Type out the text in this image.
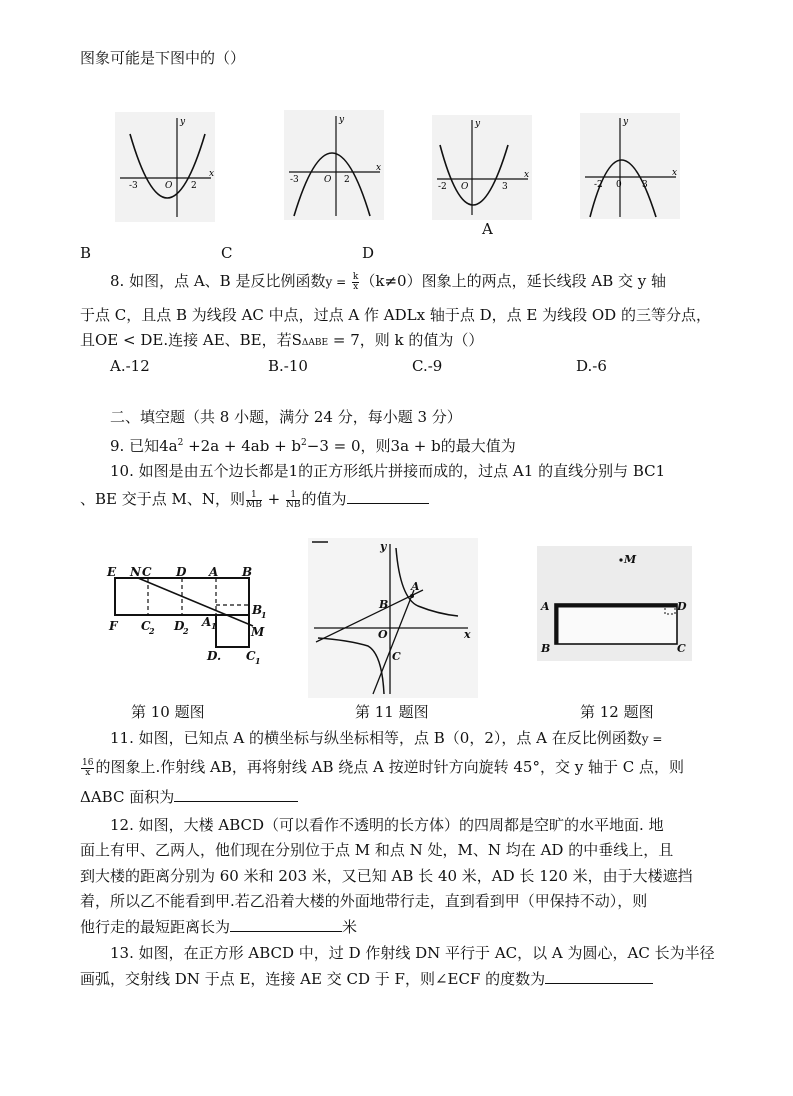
图象可能是下图中的（）
-3	O 2
x
y
-3	O 2
x
y
-2 O	3
x
y
-2 0 3
x
y
A
B	C	D
8. 如图，点 A、B 是反比例函数$y = \frac{k}{x} (k\ne 0)$图象上的两点，延长线段 AB 交 y 轴
于点 C，且点 B 为线段 AC 中点，过点 A 作 ADLx 轴于点 D，点 E 为线段 OD 的三等分点，
且OE < DE.连接 AE、BE，若SΔABE = 7，则 k 的值为（）
A.-12	B.-10	C.-9	D.-6
二、填空题（共 8 小题，满分 24 分，每小题 3 分）
9. 已知$4a^2 +2a + 4ab + b^2-3 = 0$，则3a + b的最大值为
10. 如图是由五个边长都是1的正方形纸片拼接而成的，过点 A1 的直线分别与 BC1
、BE 交于点 M、N，则 $\frac{1}{MB} + \frac{1}{NB}$ 的值为
E N C D A B
F C
2 D
2
A 1
B
1
M
D. C 1
y
A
B
O	x
C
M
A	D
B	C
第 10 题图	第 11 题图	第 12 题图
11. 如图，已知点 A 的横坐标与纵坐标相等，点 B（0，2），点 A 在反比例函数y =
$\frac{16}{x}$ 的图象上.作射线 AB，再将射线 AB 绕点 A 按逆时针方向旋转 45°，交 y 轴于 C 点，则
ΔABC 面积为
12. 如图，大楼 ABCD（可以看作不透明的长方体）的四周都是空旷的水平地面. 地
面上有甲、乙两人，他们现在分别位于点 M 和点 N 处，M、N 均在 AD 的中垂线上，且
到大楼的距离分别为 60 米和 203 米，又已知 AB 长 40 米，AD 长 120 米，由于大楼遮挡
着，所以乙不能看到甲.若乙沿着大楼的外面地带行走，直到看到甲（甲保持不动），则
他行走的最短距离长为	米
13. 如图，在正方形 ABCD 中，过 D 作射线 DN 平行于 AC，以 A 为圆心，AC 长为半径
画弧，交射线 DN 于点 E，连接 AE 交 CD 于 F，则∠ECF 的度数为
